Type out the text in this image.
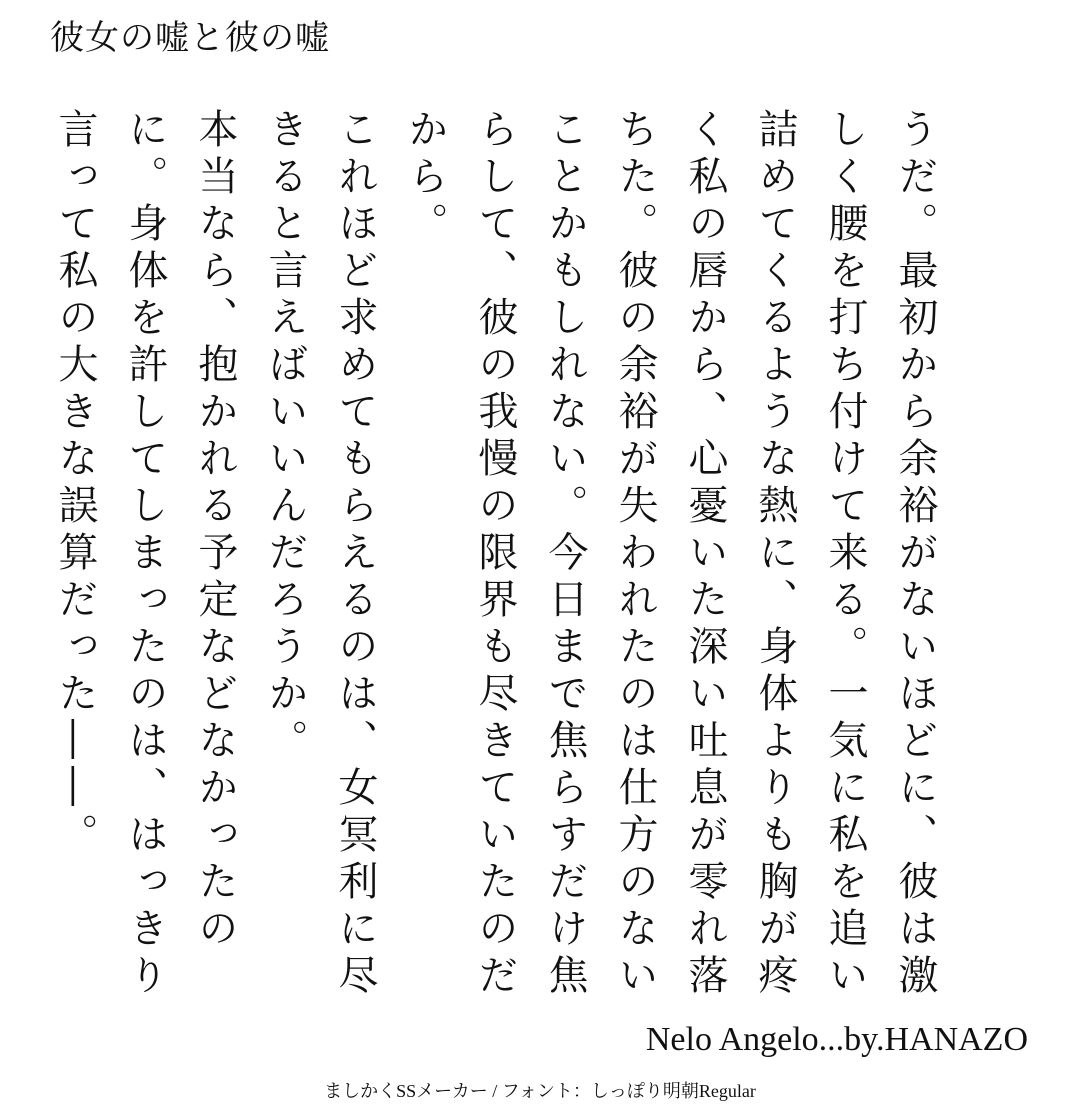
彼女の嘘と彼の嘘

うだ。最初から余裕がないほどに、彼は激しく腰を打ち付けて来る。一気に私を追い詰めてくるような熱に、身体よりも胸が疼く私の唇から、心憂いた深い吐息が零れ落ちた。彼の余裕が失われたのは仕方のないことかもしれない。今日まで焦らすだけ焦らして、彼の我慢の限界も尽きていたのだから。

これほど求めてもらえるのは、女冥利に尽きると言えばいいんだろうか。

本当なら、抱かれる予定などなかったのに。身体を許してしまったのは、はっきり言って私の大きな誤算だった――。

Nelo Angelo...by.HANAZO
ましかくSSメーカー / フォント：しっぽり明朝Regular
